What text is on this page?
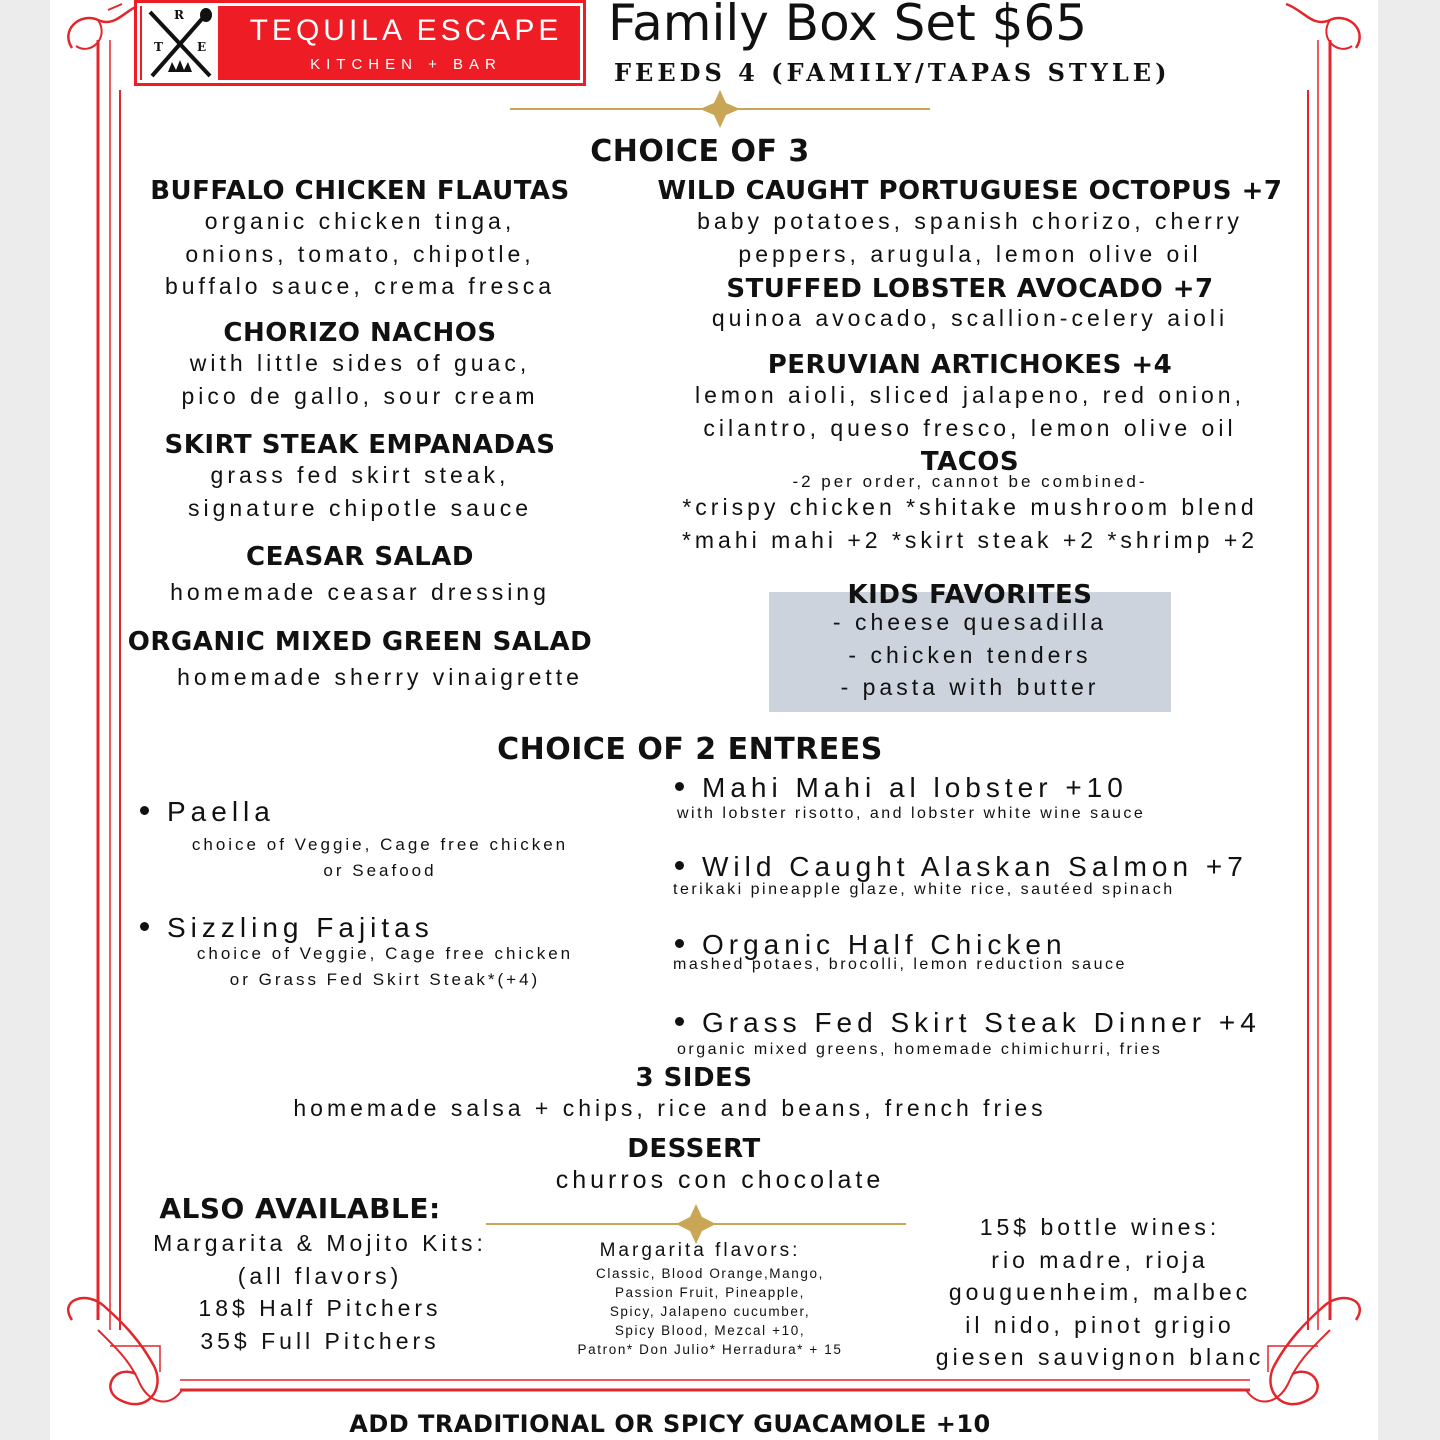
R
T	E	TEQUILA ESCAPE
KITCHEN + BAR
Family Box Set $65
FEEDS 4 (FAMILY/TAPAS STYLE)
CHOICE OF 3
BUFFALO CHICKEN FLAUTAS
organic chicken tinga,
onions, tomato, chipotle,
buffalo sauce, crema fresca
CHORIZO NACHOS
with little sides of guac,
pico de gallo, sour cream
SKIRT STEAK EMPANADAS
grass fed skirt steak,
signature chipotle sauce
CEASAR SALAD
homemade ceasar dressing
ORGANIC MIXED GREEN SALAD
homemade sherry vinaigrette
WILD CAUGHT PORTUGUESE OCTOPUS +7
baby potatoes, spanish chorizo, cherry
peppers, arugula, lemon olive oil
STUFFED LOBSTER AVOCADO +7
quinoa avocado, scallion-celery aioli
PERUVIAN ARTICHOKES +4
lemon aioli, sliced jalapeno, red onion,
cilantro, queso fresco, lemon olive oil
TACOS
-2 per order, cannot be combined-
*crispy chicken *shitake mushroom blend
*mahi mahi +2 *skirt steak +2 *shrimp +2
KIDS FAVORITES
- cheese quesadilla
- chicken tenders
- pasta with butter
CHOICE OF 2 ENTREES
Paella
choice of Veggie, Cage free chicken
or Seafood
Sizzling Fajitas
choice of Veggie, Cage free chicken
or Grass Fed Skirt Steak*(+4)
Mahi Mahi al lobster +10
with lobster risotto, and lobster white wine sauce
Wild Caught Alaskan Salmon +7
terikaki pineapple glaze, white rice, sautéed spinach
Organic Half Chicken
mashed potaes, brocolli, lemon reduction sauce
Grass Fed Skirt Steak Dinner +4
organic mixed greens, homemade chimichurri, fries
3 SIDES
homemade salsa + chips, rice and beans, french fries
DESSERT
churros con chocolate
ALSO AVAILABLE:
Margarita & Mojito Kits:
(all flavors)
18$ Half Pitchers
35$ Full Pitchers
Margarita flavors:
Classic, Blood Orange,Mango,
Passion Fruit, Pineapple,
Spicy, Jalapeno cucumber,
Spicy Blood, Mezcal +10,
Patron* Don Julio* Herradura* + 15
15$ bottle wines:
rio madre, rioja
gouguenheim, malbec
il nido, pinot grigio
giesen sauvignon blanc
ADD TRADITIONAL OR SPICY GUACAMOLE +10
